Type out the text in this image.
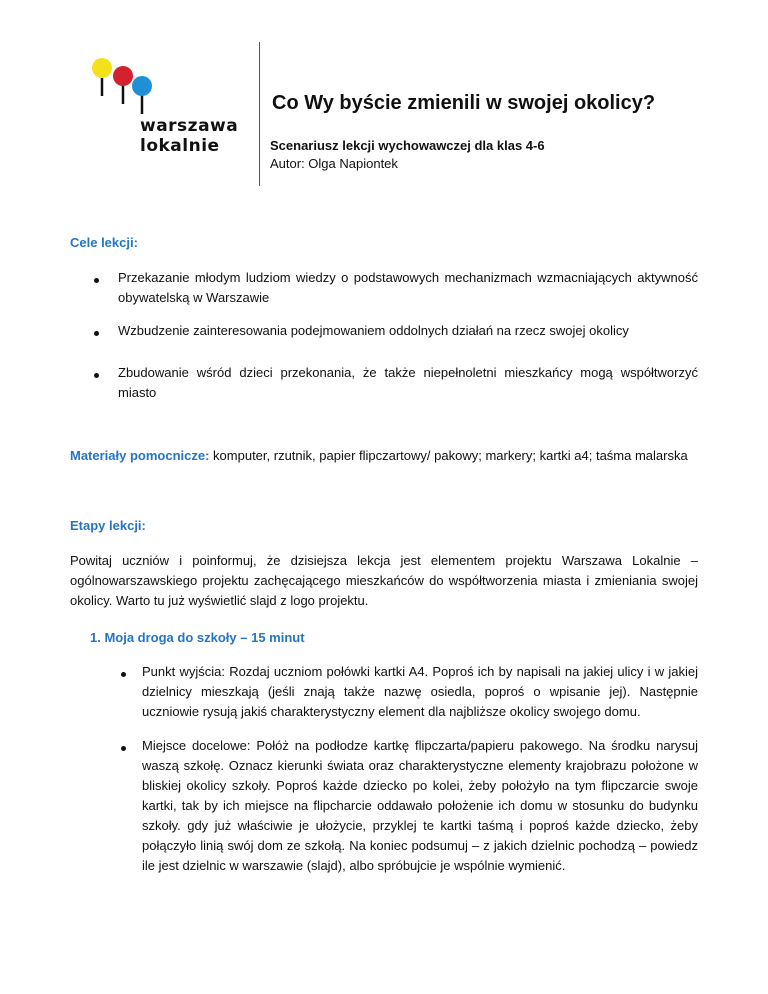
warszawa
lokalnie
Co Wy byście zmienili w swojej okolicy?
Scenariusz lekcji wychowawczej dla klas 4-6
Autor: Olga Napiontek
Cele lekcji:
Przekazanie młodym ludziom wiedzy o podstawowych mechanizmach wzmacniających aktywność obywatelską w Warszawie
Wzbudzenie zainteresowania podejmowaniem oddolnych działań na rzecz swojej okolicy
Zbudowanie wśród dzieci przekonania, że także niepełnoletni mieszkańcy mogą współtworzyć miasto
Materiały pomocnicze: komputer, rzutnik, papier flipczartowy/ pakowy; markery; kartki a4; taśma malarska
Etapy lekcji:
Powitaj uczniów i poinformuj, że dzisiejsza lekcja jest elementem projektu Warszawa Lokalnie – ogólnowarszawskiego projektu zachęcającego mieszkańców do współtworzenia miasta i zmieniania swojej okolicy. Warto tu już wyświetlić slajd z logo projektu.
1. Moja droga do szkoły – 15 minut
Punkt wyjścia: Rozdaj uczniom połówki kartki A4. Poproś ich by napisali na jakiej ulicy i w jakiej dzielnicy mieszkają (jeśli znają także nazwę osiedla, poproś o wpisanie jej). Następnie uczniowie rysują jakiś charakterystyczny element dla najbliższe okolicy swojego domu.
Miejsce docelowe: Połóż na podłodze kartkę flipczarta/papieru pakowego. Na środku narysuj waszą szkołę. Oznacz kierunki świata oraz charakterystyczne elementy krajobrazu położone w bliskiej okolicy szkoły. Poproś każde dziecko po kolei, żeby położyło na tym flipczarcie swoje kartki, tak by ich miejsce na flipcharcie oddawało położenie ich domu w stosunku do budynku szkoły. gdy już właściwie je ułożycie, przyklej te kartki taśmą i poproś każde dziecko, żeby połączyło linią swój dom ze szkołą. Na koniec podsumuj – z jakich dzielnic pochodzą – powiedz ile jest dzielnic w warszawie (slajd), albo spróbujcie je wspólnie wymienić.
